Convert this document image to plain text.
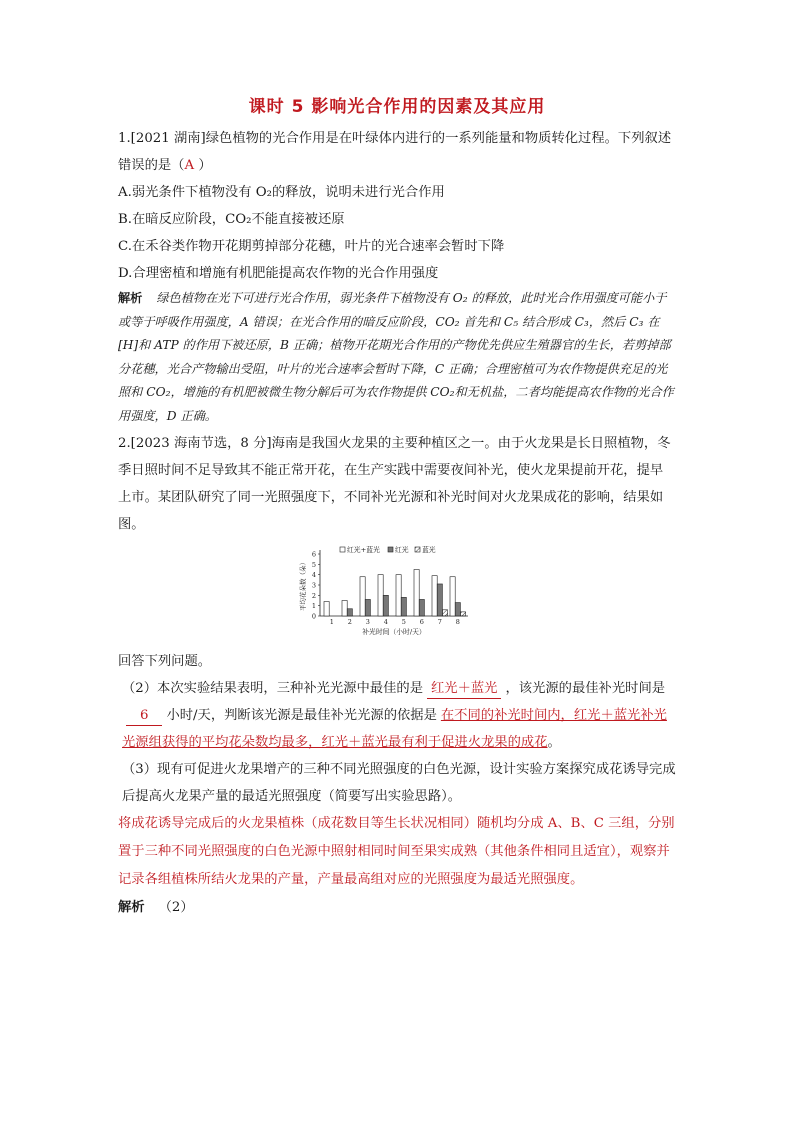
课时 5 影响光合作用的因素及其应用
1.[2021 湖南]绿色植物的光合作用是在叶绿体内进行的一系列能量和物质转化过程。下列叙述错误的是（A ）
A.弱光条件下植物没有 O₂的释放，说明未进行光合作用
B.在暗反应阶段，CO₂不能直接被还原
C.在禾谷类作物开花期剪掉部分花穗，叶片的光合速率会暂时下降
D.合理密植和增施有机肥能提高农作物的光合作用强度
解析 绿色植物在光下可进行光合作用，弱光条件下植物没有 O₂ 的释放，此时光合作用强度可能小于或等于呼吸作用强度，A 错误；在光合作用的暗反应阶段，CO₂ 首先和 C₅ 结合形成 C₃，然后 C₃ 在[H]和 ATP 的作用下被还原，B 正确；植物开花期光合作用的产物优先供应生殖器官的生长，若剪掉部分花穗，光合产物输出受阻，叶片的光合速率会暂时下降，C 正确；合理密植可为农作物提供充足的光照和 CO₂，增施的有机肥被微生物分解后可为农作物提供 CO₂和无机盐，二者均能提高农作物的光合作用强度，D 正确。
2.[2023 海南节选，8 分]海南是我国火龙果的主要种植区之一。由于火龙果是长日照植物，冬季日照时间不足导致其不能正常开花，在生产实践中需要夜间补光，使火龙果提前开花，提早上市。某团队研究了同一光照强度下，不同补光光源和补光时间对火龙果成花的影响，结果如图。
0
1
2
3
4
5
6
平均花朵数（朵）
1 2 3 4 5 6 7 8
补光时间（小时/天）
红光+蓝光 红光 蓝光
回答下列问题。
（2）本次实验结果表明，三种补光光源中最佳的是 红光＋蓝光 ，该光源的最佳补光时间是6 小时/天，判断该光源是最佳补光光源的依据是 在不同的补光时间内，红光＋蓝光补光光源组获得的平均花朵数均最多，红光＋蓝光最有利于促进火龙果的成花。
（3）现有可促进火龙果增产的三种不同光照强度的白色光源，设计实验方案探究成花诱导完成后提高火龙果产量的最适光照强度（简要写出实验思路）。
将成花诱导完成后的火龙果植株（成花数目等生长状况相同）随机均分成 A、B、C 三组，分别置于三种不同光照强度的白色光源中照射相同时间至果实成熟（其他条件相同且适宜），观察并记录各组植株所结火龙果的产量，产量最高组对应的光照强度为最适光照强度。
解析 （2）
